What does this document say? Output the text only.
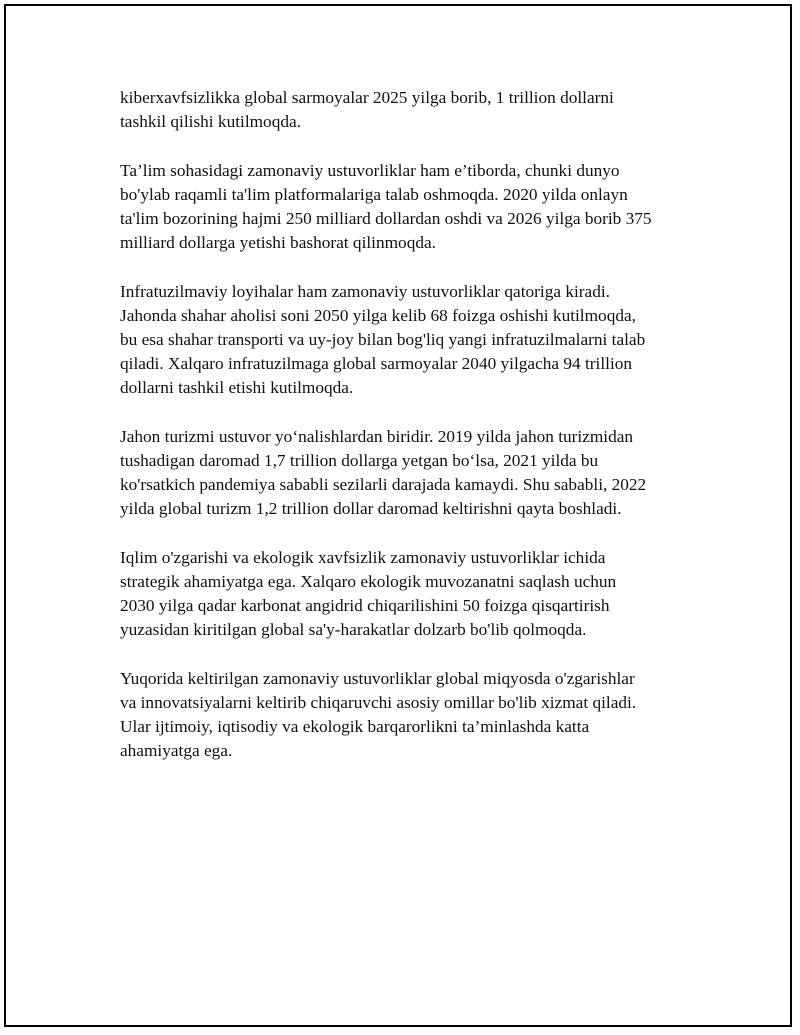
kiberxavfsizlikka global sarmoyalar 2025 yilga borib, 1 trillion dollarni
tashkil qilishi kutilmoqda.

Ta’lim sohasidagi zamonaviy ustuvorliklar ham e’tiborda, chunki dunyo
bo'ylab raqamli ta'lim platformalariga talab oshmoqda. 2020 yilda onlayn
ta'lim bozorining hajmi 250 milliard dollardan oshdi va 2026 yilga borib 375
milliard dollarga yetishi bashorat qilinmoqda.

Infratuzilmaviy loyihalar ham zamonaviy ustuvorliklar qatoriga kiradi.
Jahonda shahar aholisi soni 2050 yilga kelib 68 foizga oshishi kutilmoqda,
bu esa shahar transporti va uy-joy bilan bog'liq yangi infratuzilmalarni talab
qiladi. Xalqaro infratuzilmaga global sarmoyalar 2040 yilgacha 94 trillion
dollarni tashkil etishi kutilmoqda.

Jahon turizmi ustuvor yo‘nalishlardan biridir. 2019 yilda jahon turizmidan
tushadigan daromad 1,7 trillion dollarga yetgan bo‘lsa, 2021 yilda bu
ko'rsatkich pandemiya sababli sezilarli darajada kamaydi. Shu sababli, 2022
yilda global turizm 1,2 trillion dollar daromad keltirishni qayta boshladi.

Iqlim o'zgarishi va ekologik xavfsizlik zamonaviy ustuvorliklar ichida
strategik ahamiyatga ega. Xalqaro ekologik muvozanatni saqlash uchun
2030 yilga qadar karbonat angidrid chiqarilishini 50 foizga qisqartirish
yuzasidan kiritilgan global sa'y-harakatlar dolzarb bo'lib qolmoqda.

Yuqorida keltirilgan zamonaviy ustuvorliklar global miqyosda o'zgarishlar
va innovatsiyalarni keltirib chiqaruvchi asosiy omillar bo'lib xizmat qiladi.
Ular ijtimoiy, iqtisodiy va ekologik barqarorlikni ta’minlashda katta
ahamiyatga ega.
